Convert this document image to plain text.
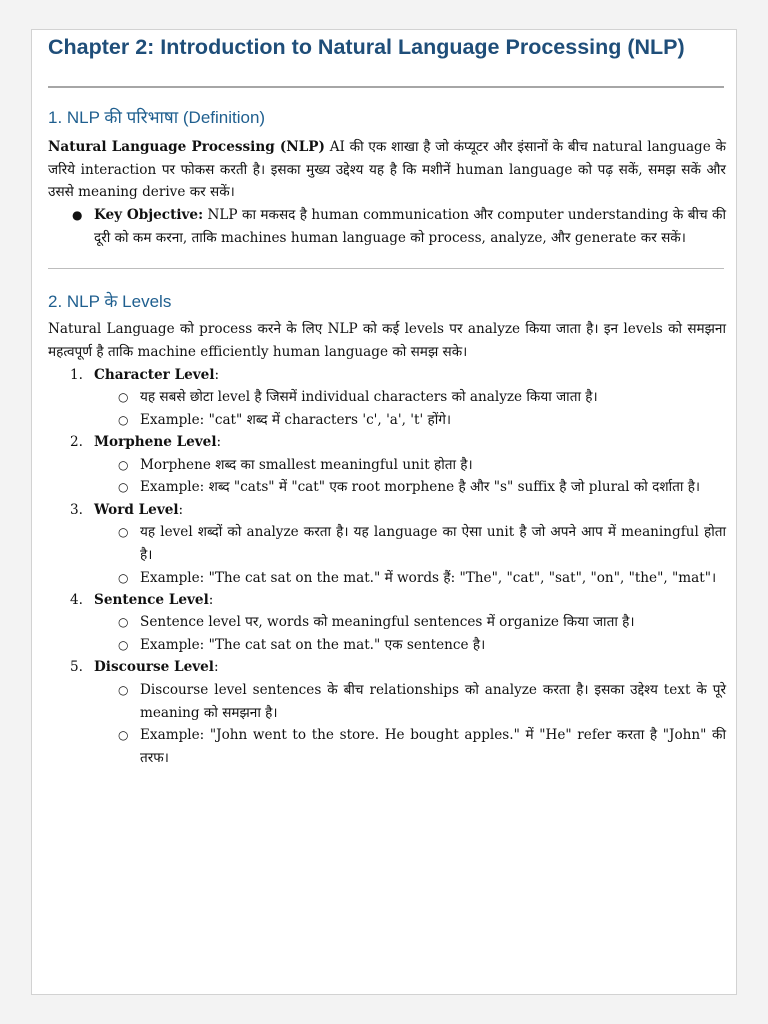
Chapter 2: Introduction to Natural Language Processing (NLP)
1. NLP की परिभाषा (Definition)

Natural Language Processing (NLP) AI की एक शाखा है जो कंप्यूटर और इंसानों के बीच natural language के जरिये interaction पर फोकस करती है। इसका मुख्य उद्देश्य यह है कि मशीनें human language को पढ़ सकें, समझ सकें और उससे meaning derive कर सकें।

● Key Objective: NLP का मकसद है human communication और computer understanding के बीच की दूरी को कम करना, ताकि machines human language को process, analyze, और generate कर सकें।
2. NLP के Levels

Natural Language को process करने के लिए NLP को कई levels पर analyze किया जाता है। इन levels को समझना महत्वपूर्ण है ताकि machine efficiently human language को समझ सके।

1. Character Level:
○ यह सबसे छोटा level है जिसमें individual characters को analyze किया जाता है।
○ Example: "cat" शब्द में characters 'c', 'a', 't' होंगे।
2. Morphene Level:
○ Morphene शब्द का smallest meaningful unit होता है।
○ Example: शब्द "cats" में "cat" एक root morphene है और "s" suffix है जो plural को दर्शाता है।
3. Word Level:
○ यह level शब्दों को analyze करता है। यह language का ऐसा unit है जो अपने आप में meaningful होता है।
○ Example: "The cat sat on the mat." में words हैं: "The", "cat", "sat", "on", "the", "mat"।
4. Sentence Level:
○ Sentence level पर, words को meaningful sentences में organize किया जाता है।
○ Example: "The cat sat on the mat." एक sentence है।
5. Discourse Level:
○ Discourse level sentences के बीच relationships को analyze करता है। इसका उद्देश्य text के पूरे meaning को समझना है।
○ Example: "John went to the store. He bought apples." में "He" refer करता है "John" की तरफ।
